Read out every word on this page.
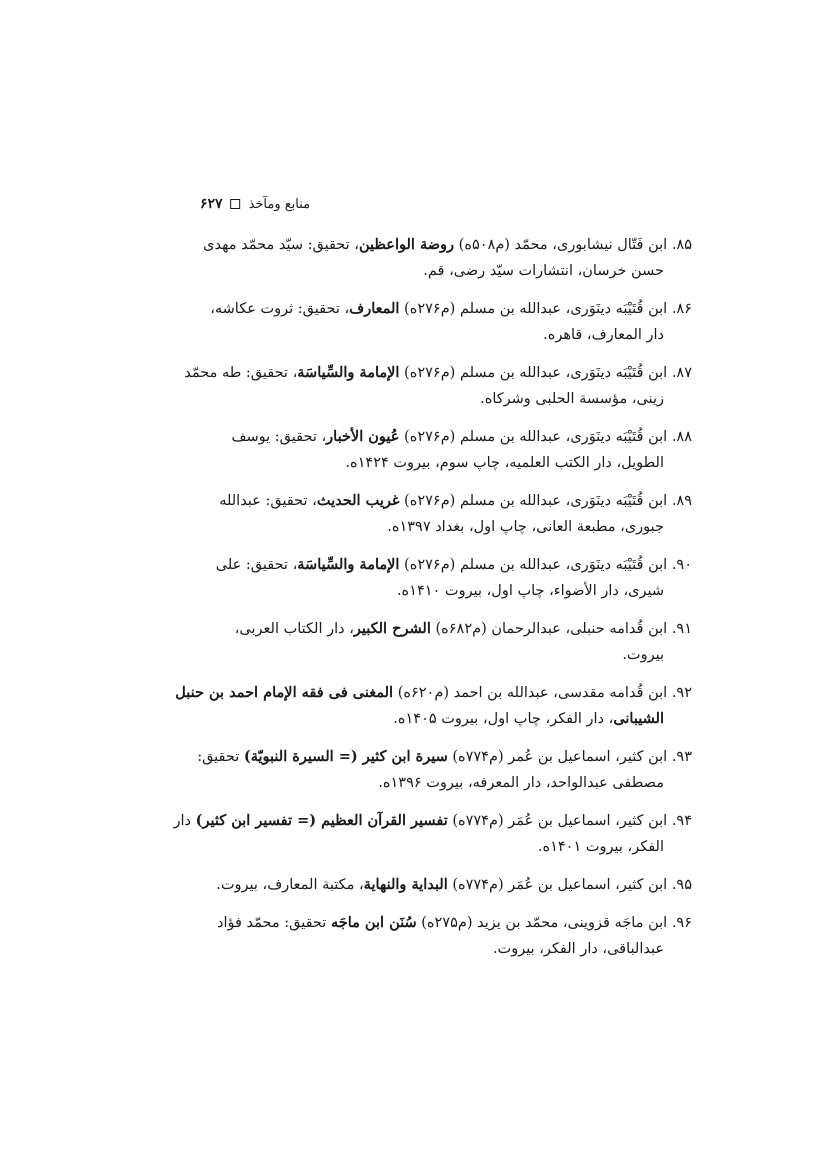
منابع ومآخذ
۶۲۷
۸۵. ابن فَتّال نیشابوری، محمّد (م۵۰۸ه) روضة الواعظین، تحقیق: سیّد محمّد مهدی
حسن خرسان، انتشارات سیّد رضی، قم.
۸۶. ابن قُتَیْبَه دینَوَری، عبدالله بن مسلم (م۲۷۶ه) المعارف، تحقیق: ثروت عکاشه،
دار المعارف، قاهره.
۸۷. ابن قُتَیْبَه دینَوَری، عبدالله بن مسلم (م۲۷۶ه) الإمامة والسِّیاسَة، تحقیق: طه محمّد
زینی، مؤسسة الحلبی وشرکاه.
۸۸. ابن قُتَیْبَه دینَوَری، عبدالله بن مسلم (م۲۷۶ه) عُیون الأخبار، تحقیق: یوسف
الطویل، دار الکتب العلمیه، چاپ سوم، بیروت ۱۴۲۴ه.
۸۹. ابن قُتَیْبَه دینَوَری، عبدالله بن مسلم (م۲۷۶ه) غریب الحدیث، تحقیق: عبدالله
جبوری، مطبعة العانی، چاپ اول، بغداد ۱۳۹۷ه.
۹۰. ابن قُتَیْبَه دینَوَری، عبدالله بن مسلم (م۲۷۶ه) الإمامة والسِّیاسَة، تحقیق: علی
شیری، دار الأضواء، چاپ اول، بیروت ۱۴۱۰ه.
۹۱. ابن قُدامه حنبلی، عبدالرحمان (م۶۸۲ه) الشرح الکبیر، دار الکتاب العربی،
بیروت.
۹۲. ابن قُدامه مقدسی، عبدالله بن احمد (م۶۲۰ه) المغنی فی فقه الإمام احمد بن حنبل
الشیبانی، دار الفکر، چاپ اول، بیروت ۱۴۰۵ه.
۹۳. ابن کثیر، اسماعیل بن عُمر (م۷۷۴ه) سیرة ابن کثیر (= السیرة النبویّة) تحقیق:
مصطفی عبدالواحد، دار المعرفه، بیروت ۱۳۹۶ه.
۹۴. ابن کثیر، اسماعیل بن عُمَر (م۷۷۴ه) تفسیر القرآن العظیم (= تفسیر ابن کثیر) دار
الفکر، بیروت ۱۴۰۱ه.
۹۵. ابن کثیر، اسماعیل بن عُمَر (م۷۷۴ه) البدایة والنهایة، مکتبة المعارف، بیروت.
۹۶. ابن ماجَه قزوینی، محمّد بن یزید (م۲۷۵ه) سُنَن ابن ماجَه تحقیق: محمّد فؤاد
عبدالباقی، دار الفکر، بیروت.
